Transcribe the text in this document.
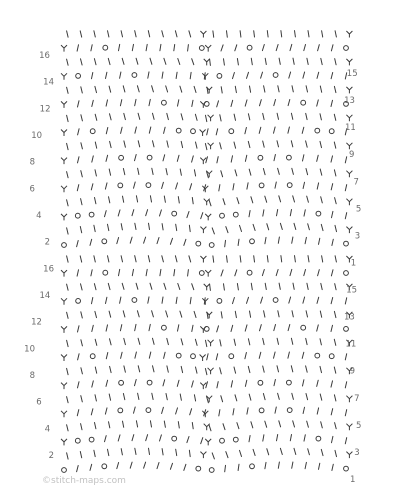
2
1
4
3
6
5
8
7
10
9
12
11
14
13
16
15
2
1
4
3
6
5
8
7
10
9
12
11
14
13
16
15
©stitch-maps.com
